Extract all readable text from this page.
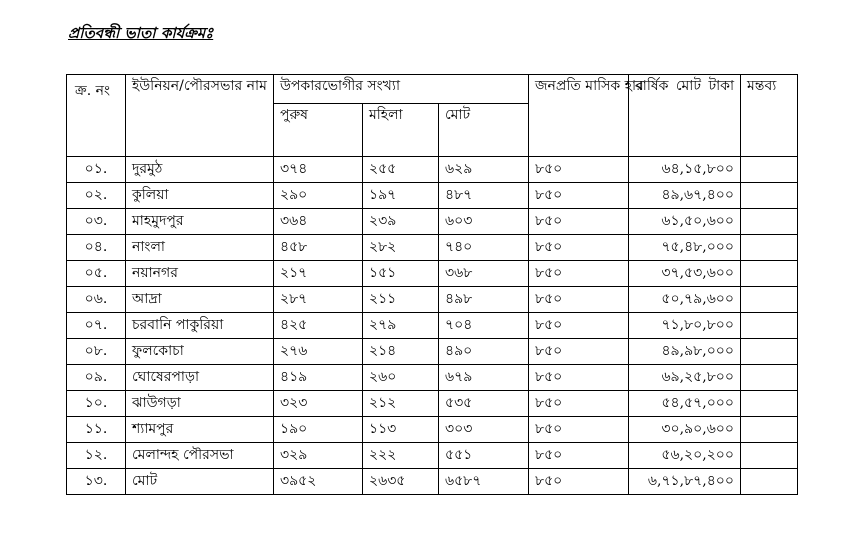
প্রতিবন্ধী ভাতা কার্যক্রমঃ
ক্র. নং	ইউনিয়ন/পৌরসভার নাম	উপকারভোগীর সংখ্যা			জনপ্রতি মাসিক হার	বার্ষিক মোট টাকা	মন্তব্য
		পুরুষ	মহিলা	মোট			
০১.	দুরমুঠ	৩৭৪	২৫৫	৬২৯	৮৫০	৬৪,১৫,৮০০	
০২.	কুলিয়া	২৯০	১৯৭	৪৮৭	৮৫০	৪৯,৬৭,৪০০	
০৩.	মাহমুদপুর	৩৬৪	২৩৯	৬০৩	৮৫০	৬১,৫০,৬০০	
০৪.	নাংলা	৪৫৮	২৮২	৭৪০	৮৫০	৭৫,৪৮,০০০	
০৫.	নয়ানগর	২১৭	১৫১	৩৬৮	৮৫০	৩৭,৫৩,৬০০	
০৬.	আদ্রা	২৮৭	২১১	৪৯৮	৮৫০	৫০,৭৯,৬০০	
০৭.	চরবানি পাকুরিয়া	৪২৫	২৭৯	৭০৪	৮৫০	৭১,৮০,৮০০	
০৮.	ফুলকোচা	২৭৬	২১৪	৪৯০	৮৫০	৪৯,৯৮,০০০	
০৯.	ঘোষেরপাড়া	৪১৯	২৬০	৬৭৯	৮৫০	৬৯,২৫,৮০০	
১০.	ঝাউগড়া	৩২৩	২১২	৫৩৫	৮৫০	৫৪,৫৭,০০০	
১১.	শ্যামপুর	১৯০	১১৩	৩০৩	৮৫০	৩০,৯০,৬০০	
১২.	মেলান্দহ পৌরসভা	৩২৯	২২২	৫৫১	৮৫০	৫৬,২০,২০০	
১৩.	মোট	৩৯৫২	২৬৩৫	৬৫৮৭	৮৫০	৬,৭১,৮৭,৪০০	
